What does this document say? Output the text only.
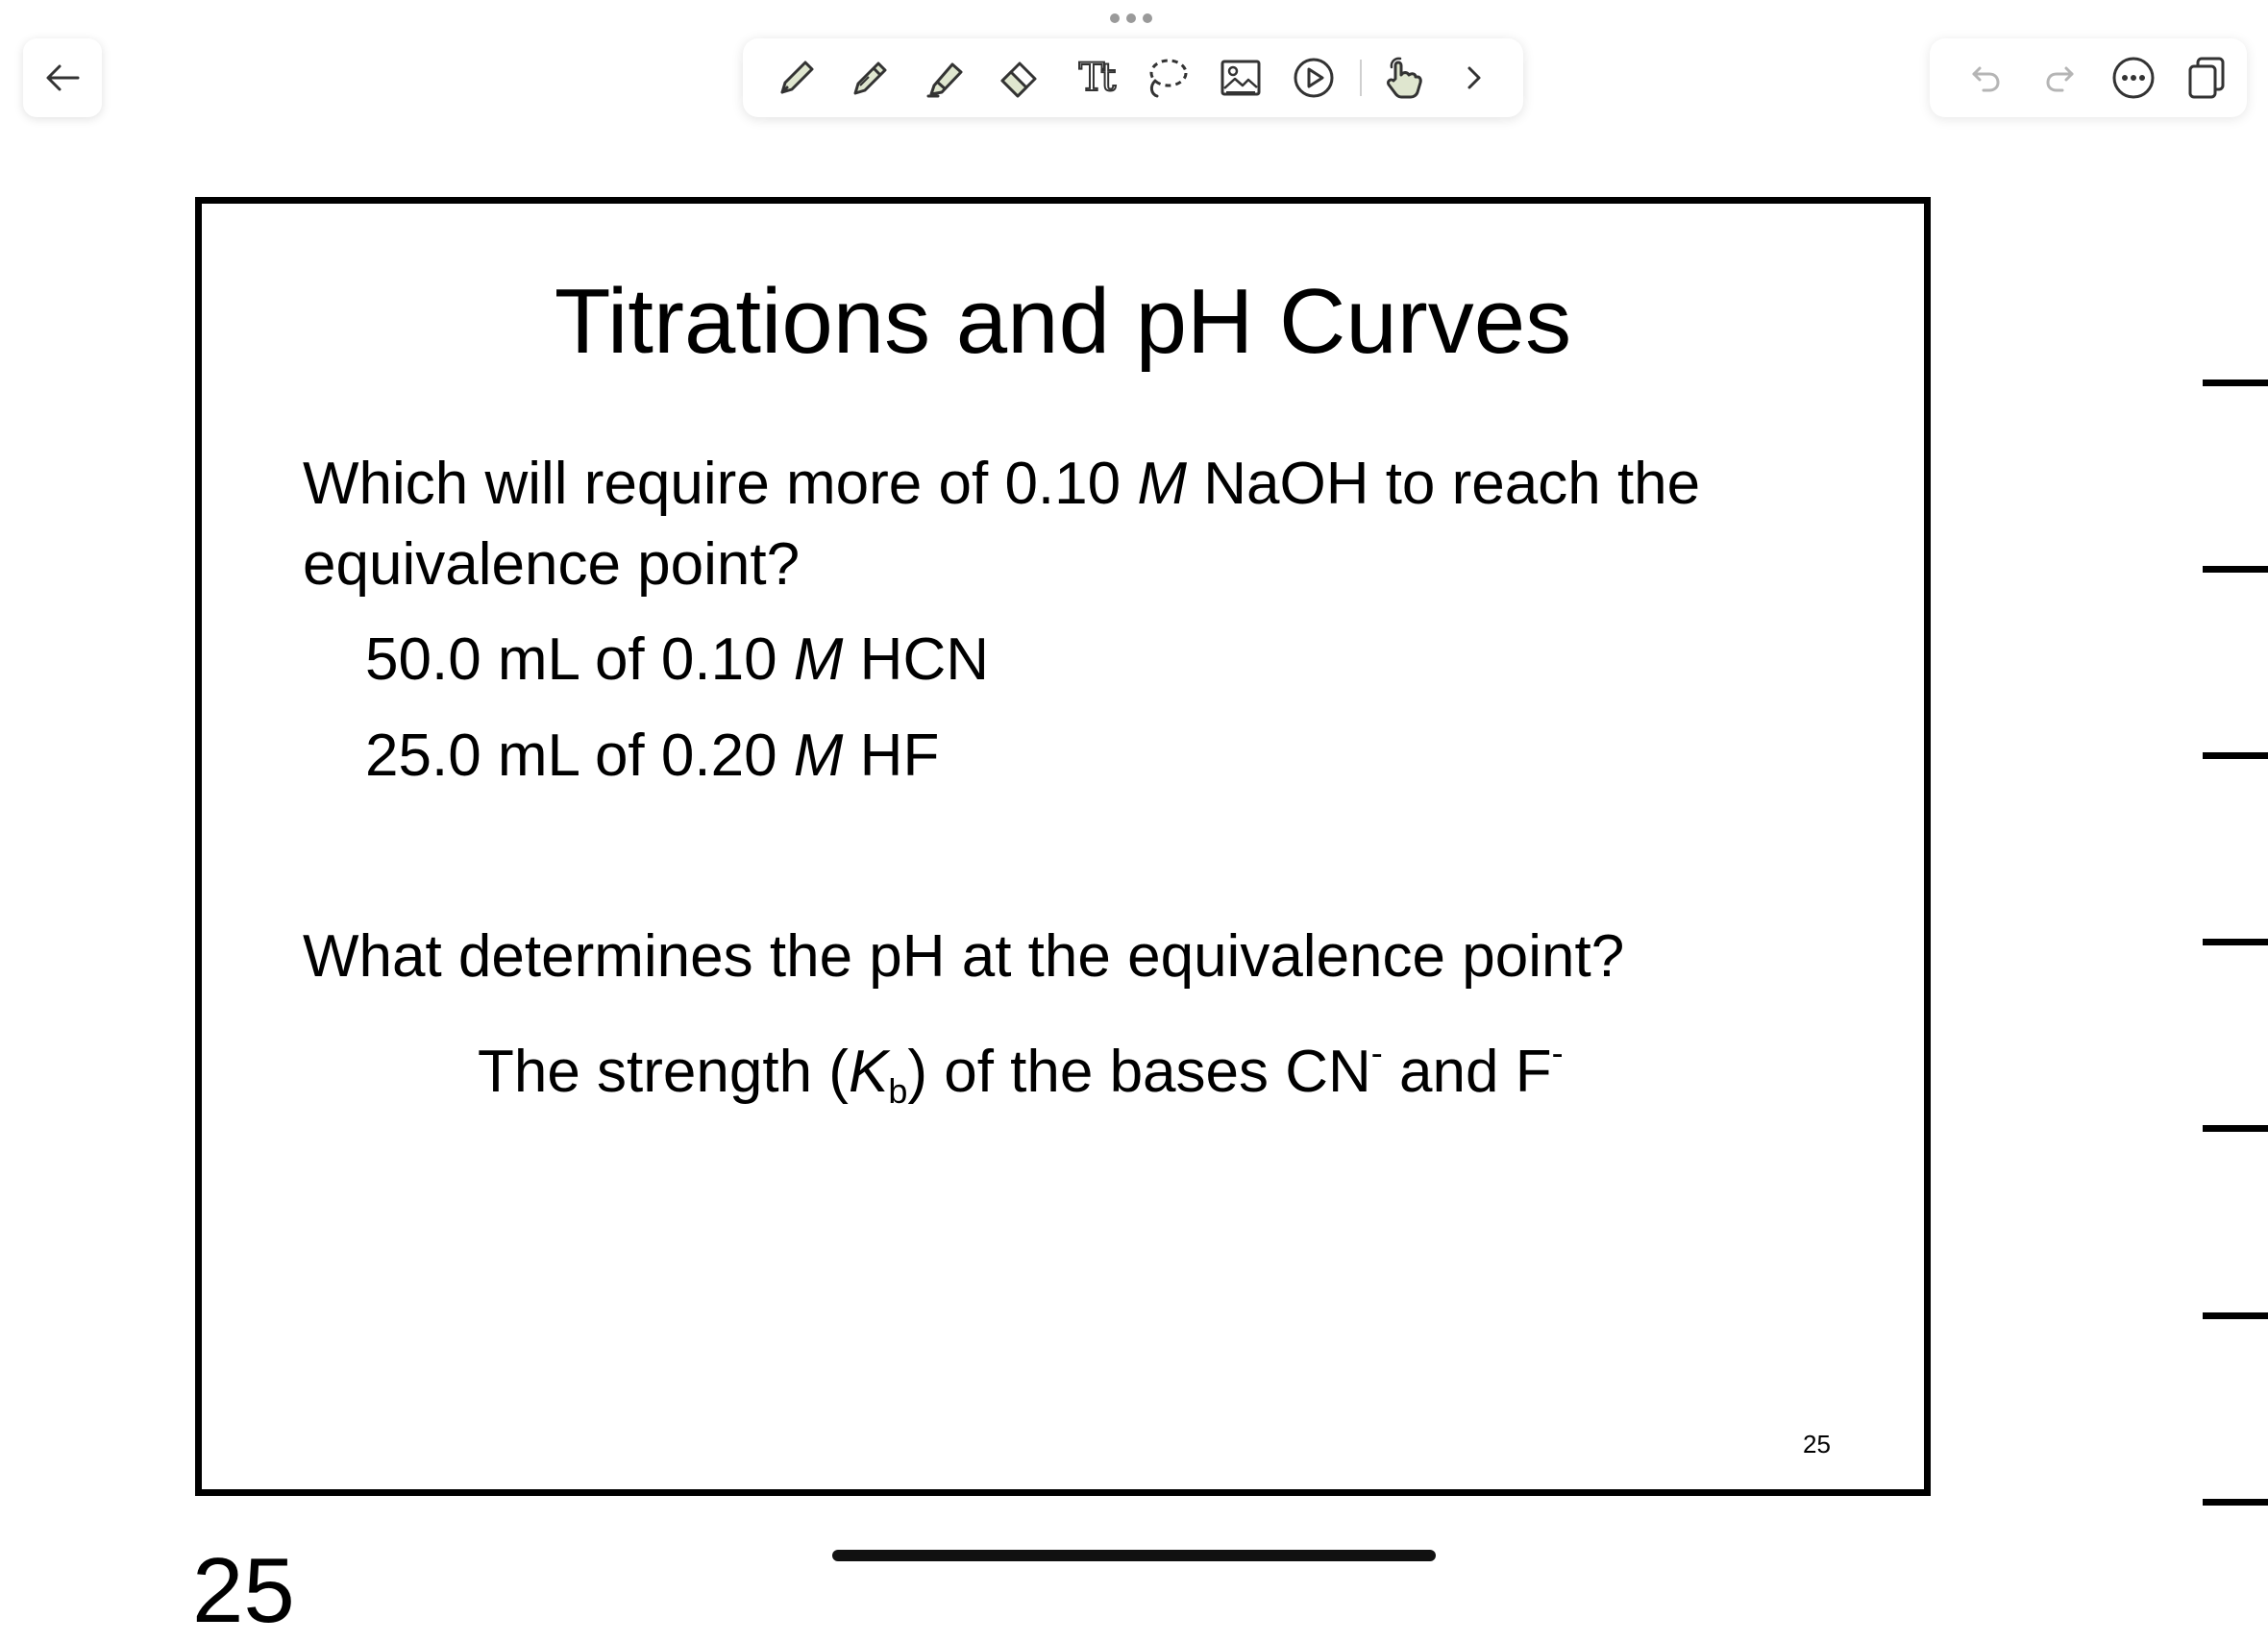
Tt
Titrations and pH Curves
Which will require more of 0.10 M NaOH to reach the equivalence point?
50.0 mL of 0.10 M HCN
25.0 mL of 0.20 M HF
What determines the pH at the equivalence point?
The strength $(K_b)$ of the bases CN- and F-
25
25
